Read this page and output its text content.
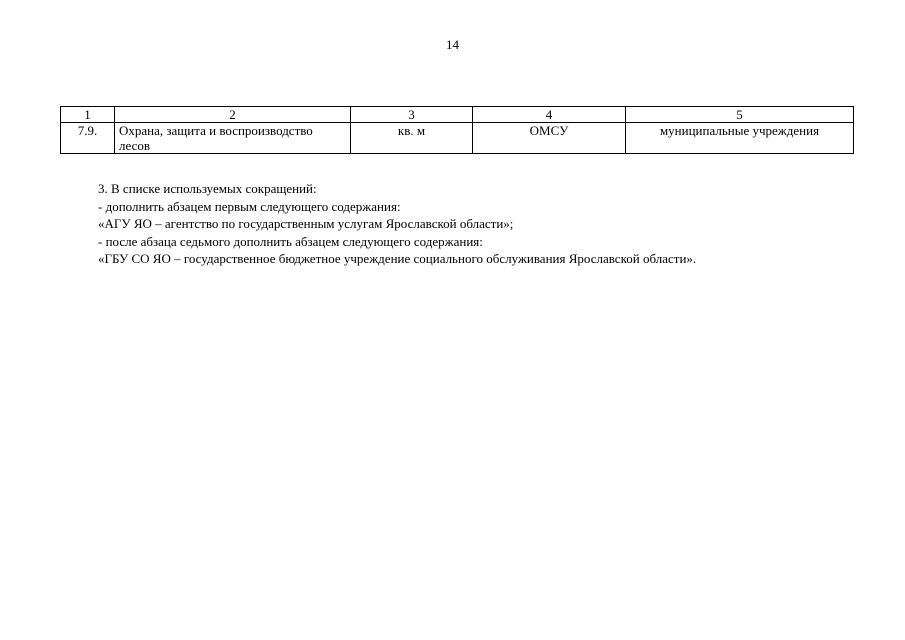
14
1	2	3	4	5
7.9.	Охрана, защита и воспроизводство лесов	кв. м	ОМСУ	муниципальные учреждения

3. В списке используемых сокращений:

- дополнить абзацем первым следующего содержания:

«АГУ ЯО – агентство по государственным услугам Ярославской области»;

- после абзаца седьмого дополнить абзацем следующего содержания:

«ГБУ СО ЯО – государственное бюджетное учреждение социального обслуживания Ярославской области».
